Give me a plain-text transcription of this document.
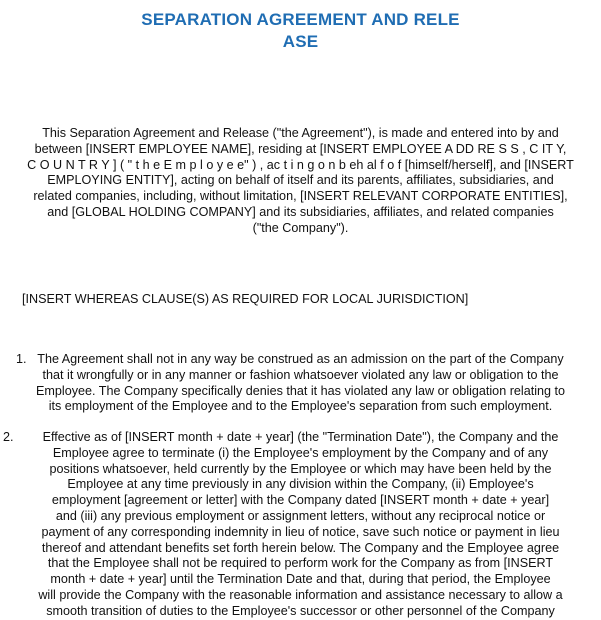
SEPARATION AGREEMENT AND RELE
ASE
This Separation Agreement and Release ("the Agreement"), is made and entered into by and
between [INSERT EMPLOYEE NAME], residing at [INSERT EMPLOYEE A DD RE S S , C IT Y,
C O U N T R Y ] ( " t h e E m p l o y e e" ) , ac t i n g o n b eh al f o f [himself/herself], and [INSERT
EMPLOYING ENTITY], acting on behalf of itself and its parents, affiliates, subsidiaries, and
related companies, including, without limitation, [INSERT RELEVANT CORPORATE ENTITIES],
and [GLOBAL HOLDING COMPANY] and its subsidiaries, affiliates, and related companies
("the Company").
[INSERT WHEREAS CLAUSE(S) AS REQUIRED FOR LOCAL JURISDICTION]
1. The Agreement shall not in any way be construed as an admission on the part of the Company
that it wrongfully or in any manner or fashion whatsoever violated any law or obligation to the
Employee. The Company specifically denies that it has violated any law or obligation relating to
its employment of the Employee and to the Employee's separation from such employment.
2.	Effective as of [INSERT month + date + year] (the "Termination Date"), the Company and the
Employee agree to terminate (i) the Employee's employment by the Company and of any
positions whatsoever, held currently by the Employee or which may have been held by the
Employee at any time previously in any division within the Company, (ii) Employee's
employment [agreement or letter] with the Company dated [INSERT month + date + year]
and (iii) any previous employment or assignment letters, without any reciprocal notice or
payment of any corresponding indemnity in lieu of notice, save such notice or payment in lieu
thereof and attendant benefits set forth herein below. The Company and the Employee agree
that the Employee shall not be required to perform work for the Company as from [INSERT
month + date + year] until the Termination Date and that, during that period, the Employee
will provide the Company with the reasonable information and assistance necessary to allow a
smooth transition of duties to the Employee's successor or other personnel of the Company
